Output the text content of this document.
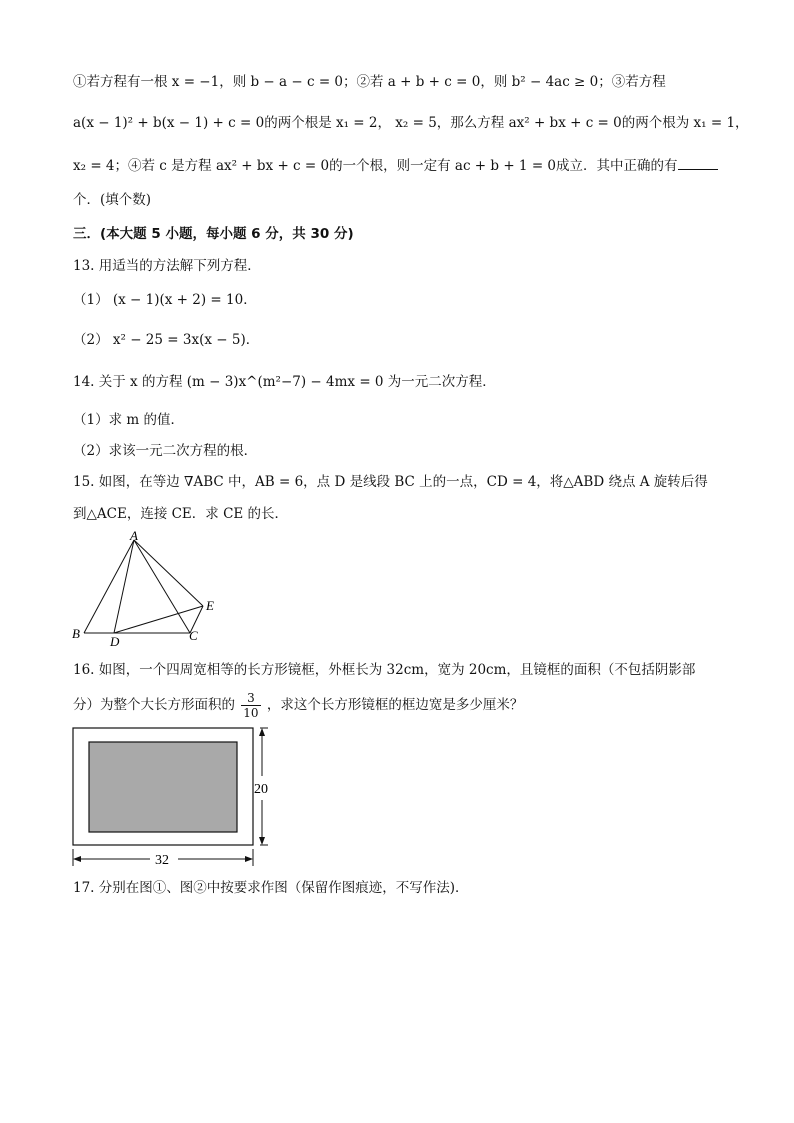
①若方程有一根 x = −1，则 b − a − c = 0；②若 a + b + c = 0，则 b² − 4ac ≥ 0；③若方程
a(x − 1)² + b(x − 1) + c = 0的两个根是 x₁ = 2， x₂ = 5，那么方程 ax² + bx + c = 0的两个根为 x₁ = 1，
x₂ = 4；④若 c 是方程 ax² + bx + c = 0的一个根，则一定有 ac + b + 1 = 0成立．其中正确的有
个．(填个数)
三．(本大题 5 小题，每小题 6 分，共 30 分)
13. 用适当的方法解下列方程．
（1） (x − 1)(x + 2) = 10．
（2） x² − 25 = 3x(x − 5)．
14. 关于 x 的方程 (m − 3)x^(m²−7) − 4mx = 0 为一元二次方程．
（1）求 m 的值．
（2）求该一元二次方程的根．
15. 如图，在等边 ∇ABC 中，AB = 6，点 D 是线段 BC 上的一点，CD = 4，将△ABD 绕点 A 旋转后得
到△ACE，连接 CE．求 CE 的长．
A
B	C
D
E
16. 如图，一个四周宽相等的长方形镜框，外框长为 32cm，宽为 20cm，且镜框的面积（不包括阴影部
分）为整个大长方形面积的 $\frac{3}{10}$ ，求这个长方形镜框的框边宽是多少厘米？
20
32
17. 分别在图①、图②中按要求作图（保留作图痕迹，不写作法)．
